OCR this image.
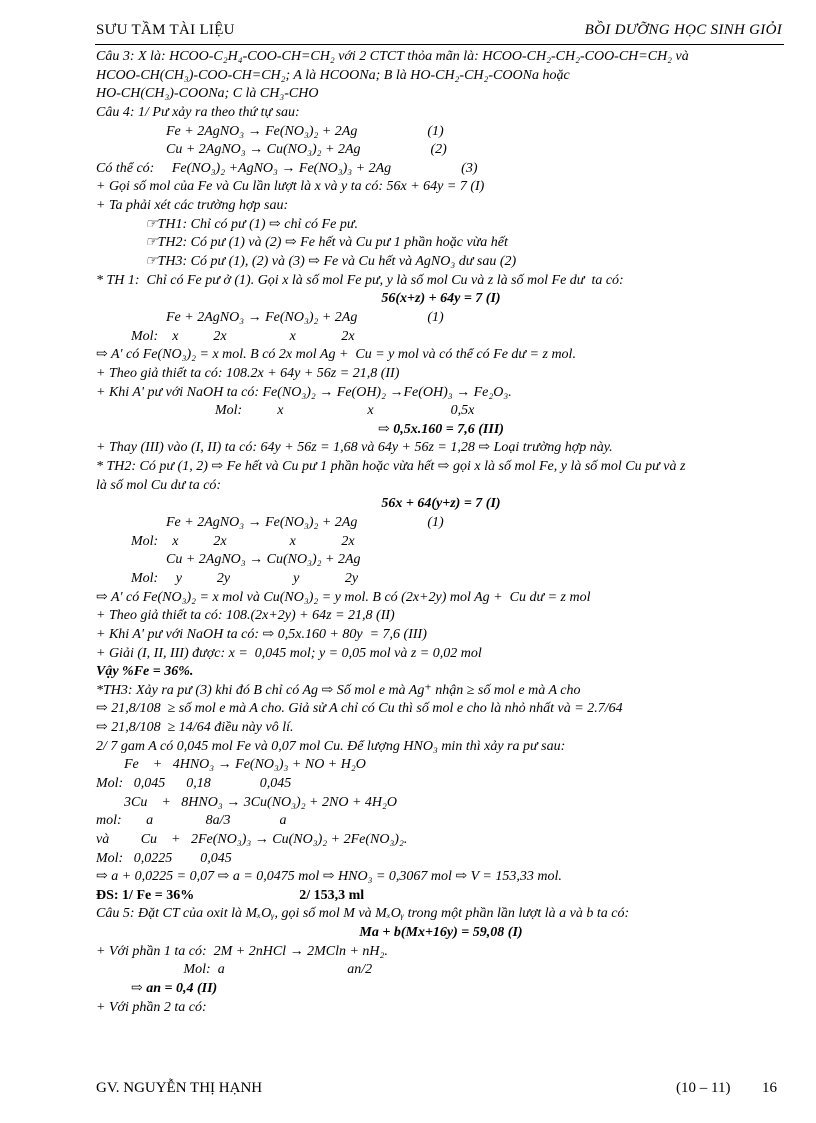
SƯU TẦM TÀI LIỆU	BỒI DƯỠNG HỌC SINH GIỎI
Câu 3: X là: HCOO-C₂H₄-COO-CH=CH₂ với 2 CTCT thỏa mãn là: HCOO-CH₂-CH₂-COO-CH=CH₂ và
HCOO-CH(CH₃)-COO-CH=CH₂; A là HCOONa; B là HO-CH₂-CH₂-COONa hoặc
HO-CH(CH₃)-COONa; C là CH₃-CHO
Câu 4: 1/ Pư xảy ra theo thứ tự sau:
Fe + 2AgNO₃ → Fe(NO₃)₂ + 2Ag                    (1)
Cu + 2AgNO₃ → Cu(NO₃)₂ + 2Ag                    (2)
Có thể có:     Fe(NO₃)₂ +AgNO₃ → Fe(NO₃)₃ + 2Ag                    (3)
+ Gọi số mol của Fe và Cu lần lượt là x và y ta có: 56x + 64y = 7 (I)
+ Ta phải xét các trường hợp sau:
☞TH1: Chỉ có pư (1) ⇨ chỉ có Fe pư.
☞TH2: Có pư (1) và (2) ⇨ Fe hết và Cu pư 1 phần hoặc vừa hết
☞TH3: Có pư (1), (2) và (3) ⇨ Fe và Cu hết và AgNO₃ dư sau (2)
* TH 1:  Chỉ có Fe pư ở (1). Gọi x là số mol Fe pư, y là số mol Cu và z là số mol Fe dư  ta có:
56(x+z) + 64y = 7 (I)
Fe + 2AgNO₃ → Fe(NO₃)₂ + 2Ag                    (1)
Mol:    x          2x                  x             2x
⇨ A' có Fe(NO₃)₂ = x mol. B có 2x mol Ag +  Cu = y mol và có thể có Fe dư = z mol.
+ Theo giả thiết ta có: 108.2x + 64y + 56z = 21,8 (II)
+ Khi A' pư với NaOH ta có: Fe(NO₃)₂ → Fe(OH)₂ →Fe(OH)₃ → Fe₂O₃.
Mol:          x                        x                      0,5x
⇨ 0,5x.160 = 7,6 (III)
+ Thay (III) vào (I, II) ta có: 64y + 56z = 1,68 và 64y + 56z = 1,28 ⇨ Loại trường hợp này.
* TH2: Có pư (1, 2) ⇨ Fe hết và Cu pư 1 phần hoặc vừa hết ⇨ gọi x là số mol Fe, y là số mol Cu pư và z
là số mol Cu dư ta có:
56x + 64(y+z) = 7 (I)
Fe + 2AgNO₃ → Fe(NO₃)₂ + 2Ag                    (1)
Mol:    x          2x                  x             2x
Cu + 2AgNO₃ → Cu(NO₃)₂ + 2Ag
Mol:     y          2y                  y             2y
⇨ A' có Fe(NO₃)₂ = x mol và Cu(NO₃)₂ = y mol. B có (2x+2y) mol Ag +  Cu dư = z mol
+ Theo giả thiết ta có: 108.(2x+2y) + 64z = 21,8 (II)
+ Khi A' pư với NaOH ta có: ⇨ 0,5x.160 + 80y  = 7,6 (III)
+ Giải (I, II, III) được: x =  0,045 mol; y = 0,05 mol và z = 0,02 mol
Vậy %Fe = 36%.
*TH3: Xảy ra pư (3) khi đó B chỉ có Ag ⇨ Số mol e mà Ag⁺ nhận ≥ số mol e mà A cho
⇨ 21,8/108  ≥ số mol e mà A cho. Giả sử A chỉ có Cu thì số mol e cho là nhỏ nhất và = 2.7/64
⇨ 21,8/108  ≥ 14/64 điều này vô lí.
2/ 7 gam A có 0,045 mol Fe và 0,07 mol Cu. Để lượng HNO₃ min thì xảy ra pư sau:
Fe    +   4HNO₃ → Fe(NO₃)₃ + NO + H₂O
Mol:   0,045      0,18              0,045
3Cu    +   8HNO₃ → 3Cu(NO₃)₂ + 2NO + 4H₂O
mol:       a               8a/3              a
và         Cu    +   2Fe(NO₃)₃ → Cu(NO₃)₂ + 2Fe(NO₃)₂.
Mol:   0,0225        0,045
⇨ a + 0,0225 = 0,07 ⇨ a = 0,0475 mol ⇨ HNO₃ = 0,3067 mol ⇨ V = 153,33 mol.
ĐS: 1/ Fe = 36%                              2/ 153,3 ml
Câu 5: Đặt CT của oxit là MₓOᵧ, gọi số mol M và MₓOᵧ trong một phần lần lượt là a và b ta có:
Ma + b(Mx+16y) = 59,08 (I)
+ Với phần 1 ta có:  2M + 2nHCl → 2MCln + nH₂.
Mol:  a                                   an/2
⇨ an = 0,4 (II)
+ Với phần 2 ta có:
GV. NGUYỄN THỊ HẠNH	(10 – 11) 16
